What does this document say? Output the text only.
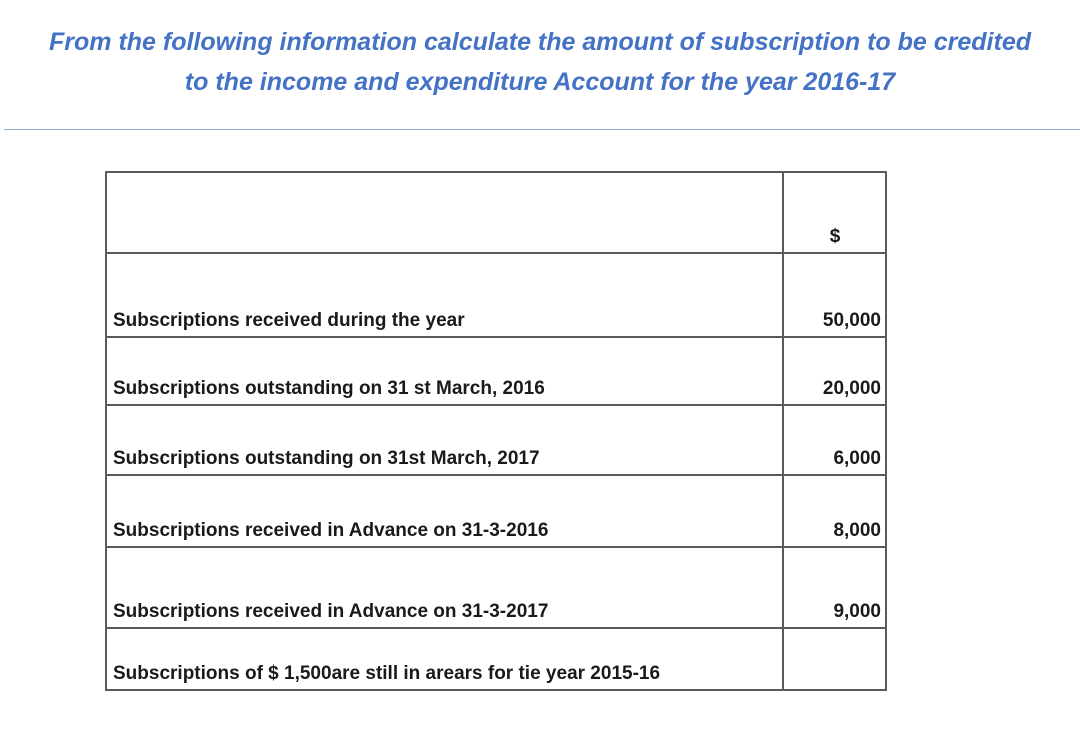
From the following information calculate the amount of subscription to be credited
to the income and expenditure Account for the year 2016-17
	$
Subscriptions received during the year	50,000
Subscriptions outstanding on 31 st March, 2016	20,000
Subscriptions outstanding on 31st March, 2017	6,000
Subscriptions received in Advance on 31-3-2016	8,000
Subscriptions received in Advance on 31-3-2017	9,000
Subscriptions of $ 1,500are still in arears for tie year 2015-16	
